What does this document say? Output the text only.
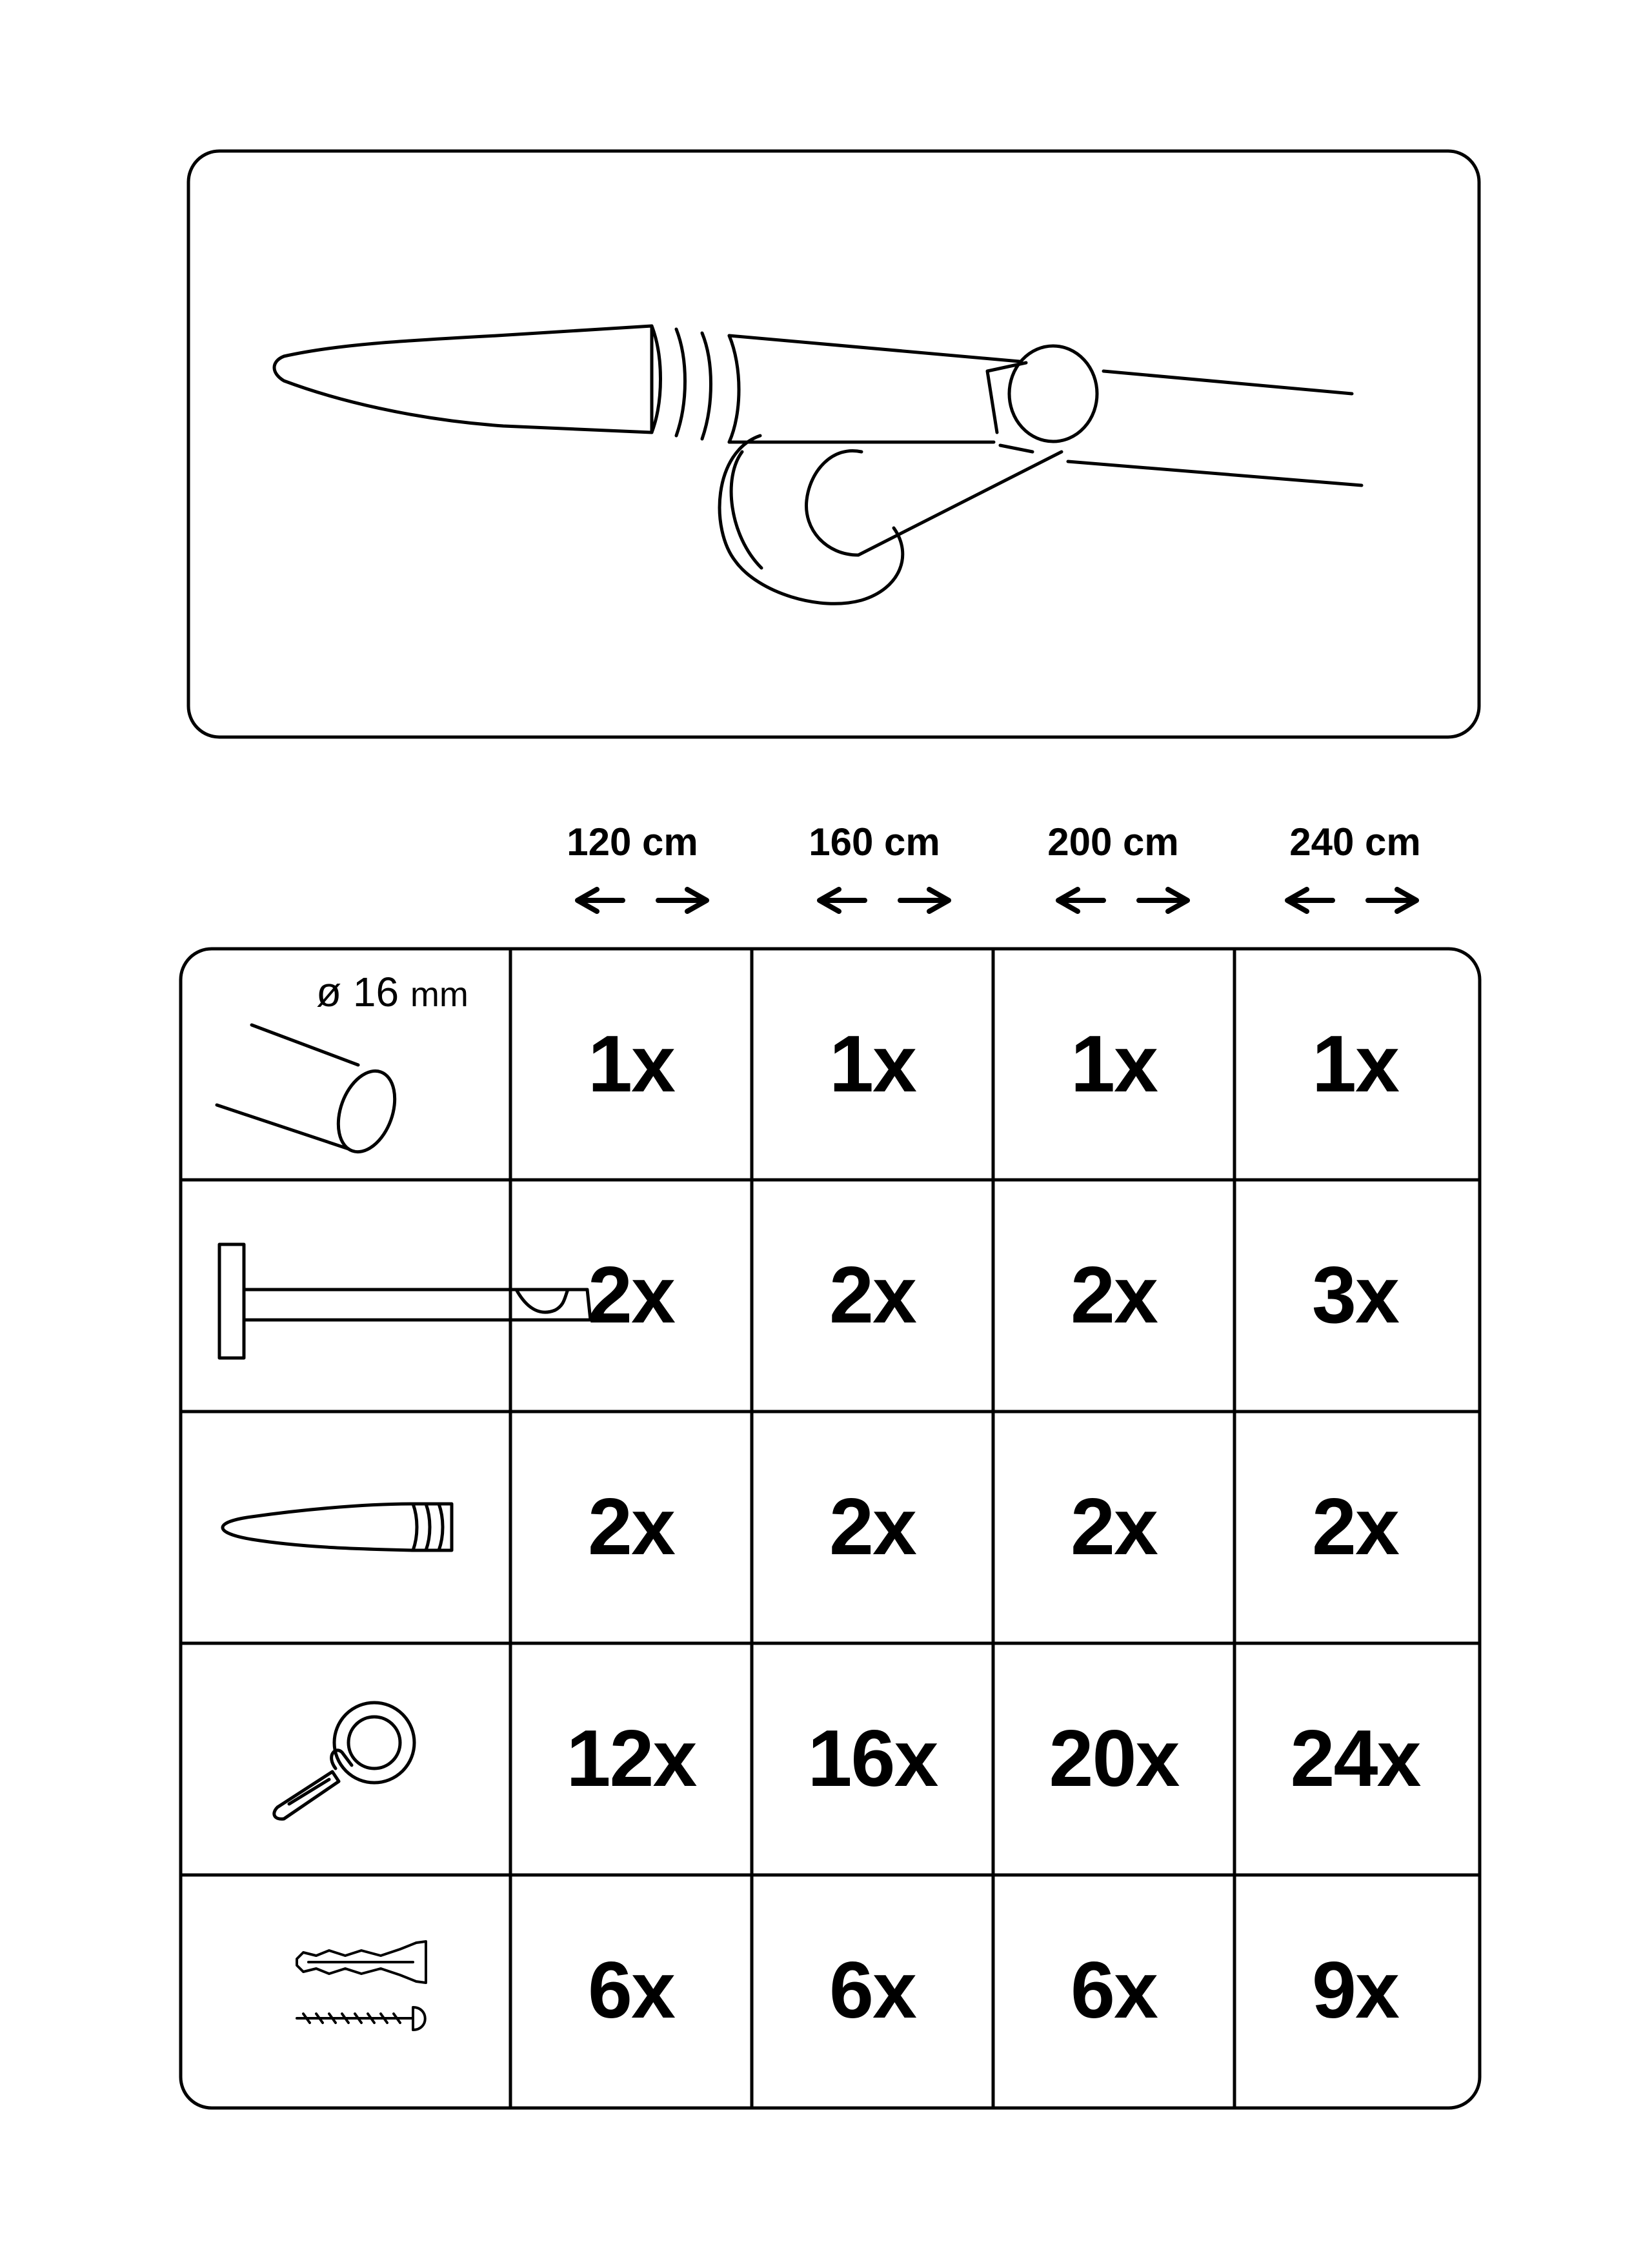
120 cm	160 cm	200 cm	240 cm
ø 16 mm
1x	1x	1x	1x
2x	2x	2x	3x
2x	2x	2x	2x
12x	16x	20x	24x
6x	6x	6x	9x
